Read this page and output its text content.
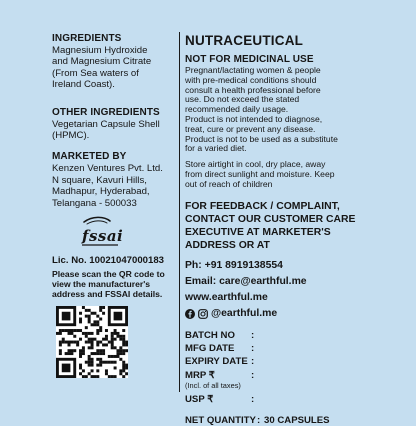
INGREDIENTS
Magnesium Hydroxide
and Magnesium Citrate
(From Sea waters of
Ireland Coast).
OTHER INGREDIENTS
Vegetarian Capsule Shell
(HPMC).
MARKETED BY
Kenzen Ventures Pvt. Ltd.
N square, Kavuri Hills,
Madhapur, Hyderabad,
Telangana - 500033
fssai
Lic. No. 10021047000183
Please scan the QR code to
view the manufacturer's
address and FSSAI details.
NUTRACEUTICAL
NOT FOR MEDICINAL USE
Pregnant/lactating women & people
with pre-medical conditions should
consult a health professional before
use. Do not exceed the stated
recommended daily usage.
Product is not intended to diagnose,
treat, cure or prevent any disease.
Product is not to be used as a substitute
for a varied diet.
Store airtight in cool, dry place, away
from direct sunlight and moisture. Keep
out of reach of children
FOR FEEDBACK / COMPLAINT,
CONTACT OUR CUSTOMER CARE
EXECUTIVE AT MARKETER'S
ADDRESS OR AT
Ph: +91 8919138554
Email: care@earthful.me
www.earthful.me
@earthful.me
BATCH NO	:
MFG DATE	:
EXPIRY DATE :
MRP ₹	:
(Incl. of all taxes)
USP ₹	:
NET QUANTITY : 30 CAPSULES
